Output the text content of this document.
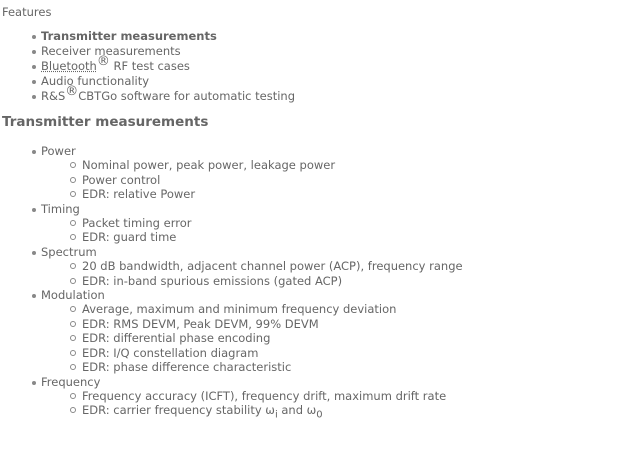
Features

Transmitter measurements
Receiver measurements
Bluetooth® RF test cases
Audio functionality
R&S®CBTGo software for automatic testing
Transmitter measurements
Power
Nominal power, peak power, leakage power
Power control
EDR: relative Power
Timing
Packet timing error
EDR: guard time
Spectrum
20 dB bandwidth, adjacent channel power (ACP), frequency range
EDR: in-band spurious emissions (gated ACP)
Modulation
Average, maximum and minimum frequency deviation
EDR: RMS DEVM, Peak DEVM, 99% DEVM
EDR: differential phase encoding
EDR: I/Q constellation diagram
EDR: phase difference characteristic
Frequency
Frequency accuracy (ICFT), frequency drift, maximum drift rate
EDR: carrier frequency stability $\omega_i$ and $\omega_0$
